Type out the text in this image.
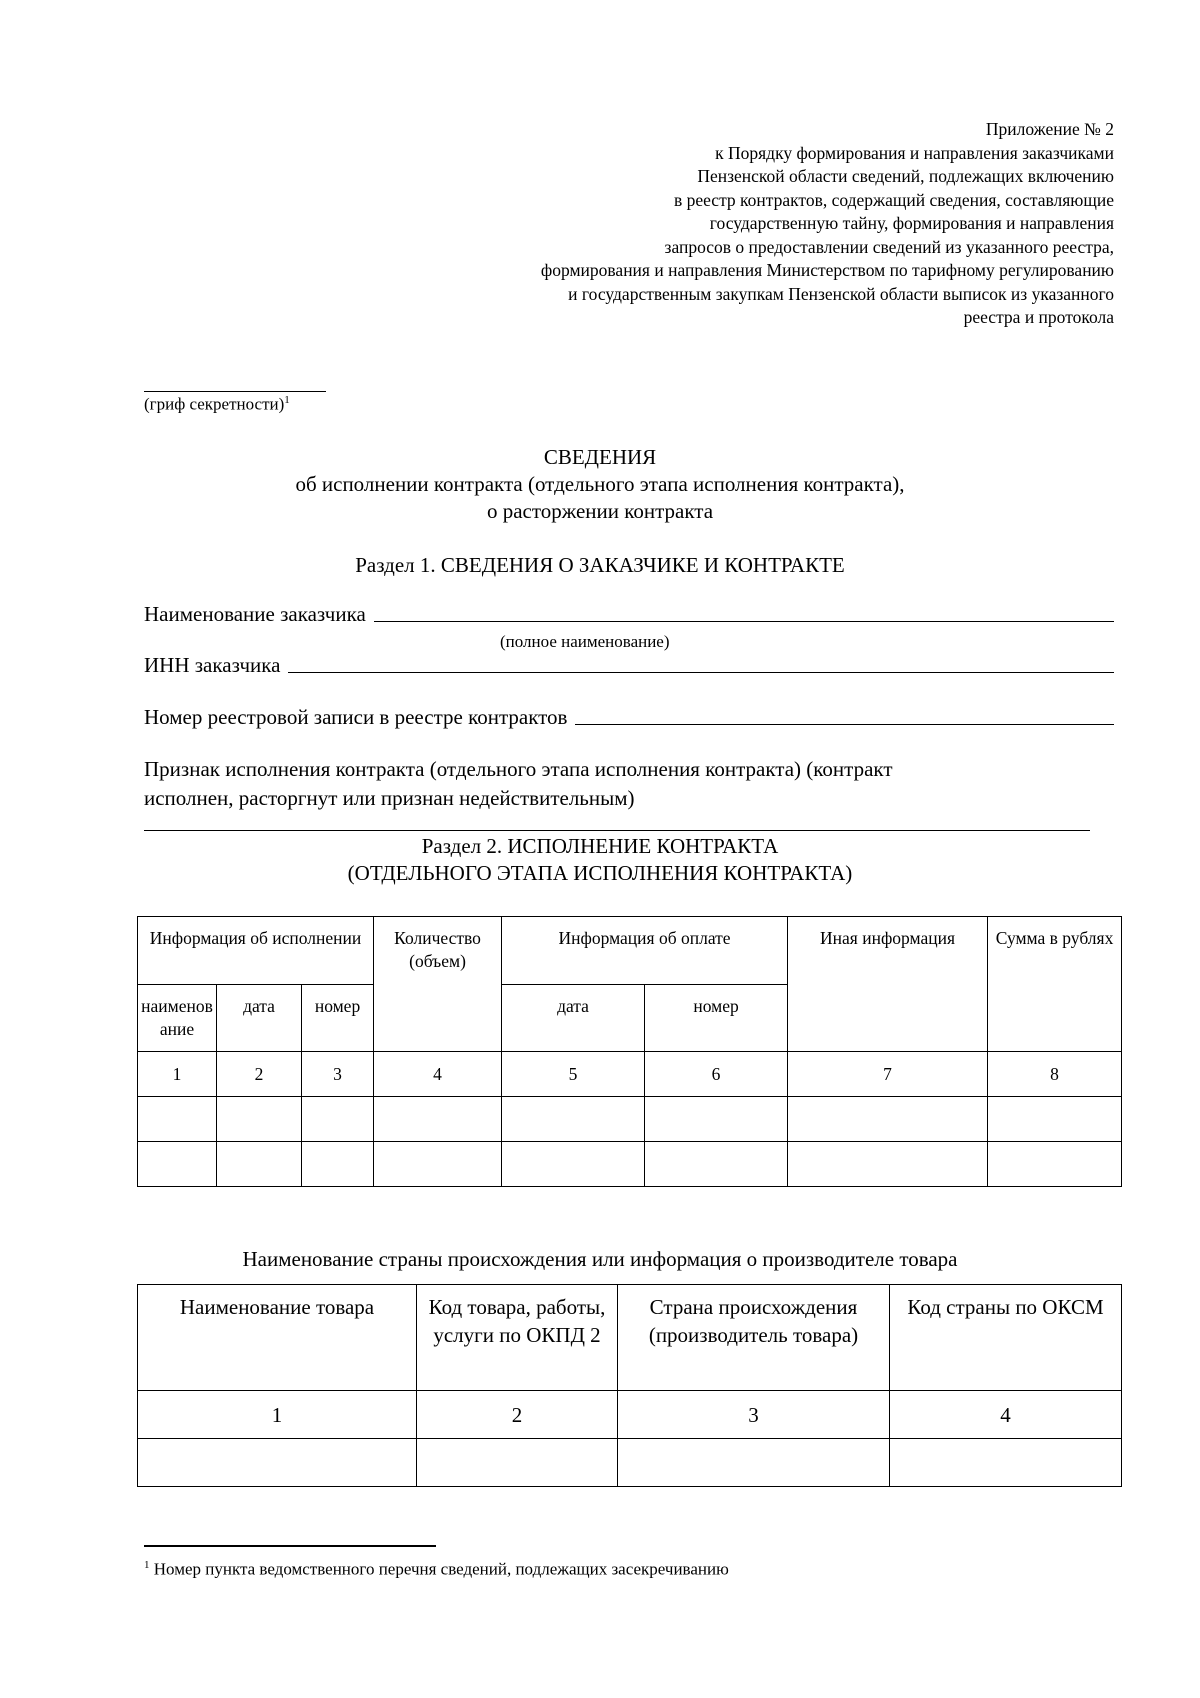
Приложение № 2
к Порядку формирования и направления заказчиками
Пензенской области сведений, подлежащих включению
в реестр контрактов, содержащий сведения, составляющие
государственную тайну, формирования и направления
запросов о предоставлении сведений из указанного реестра,
формирования и направления Министерством по тарифному регулированию
и государственным закупкам Пензенской области выписок из указанного
реестра и протокола
(гриф секретности)$^1$
СВЕДЕНИЯ
об исполнении контракта (отдельного этапа исполнения контракта),
о расторжении контракта
Раздел 1. СВЕДЕНИЯ О ЗАКАЗЧИКЕ И КОНТРАКТЕ
Наименование заказчика
(полное наименование)
ИНН заказчика
Номер реестровой записи в реестре контрактов
Признак исполнения контракта (отдельного этапа исполнения контракта) (контракт
исполнен, расторгнут или признан недействительным)
Раздел 2. ИСПОЛНЕНИЕ КОНТРАКТА
(ОТДЕЛЬНОГО ЭТАПА ИСПОЛНЕНИЯ КОНТРАКТА)
Информация об исполнении			Количество (объем)	Информация об оплате		Иная информация	Сумма в рублях
наименование	дата	номер		дата	номер		
1	2	3	4	5	6	7	8

Наименование страны происхождения или информация о производителе товара
Наименование товара	Код товара, работы, услуги по ОКПД 2	Страна происхождения (производитель товара)	Код страны по ОКСМ
1	2	3	4

$^1$ Номер пункта ведомственного перечня сведений, подлежащих засекречиванию
